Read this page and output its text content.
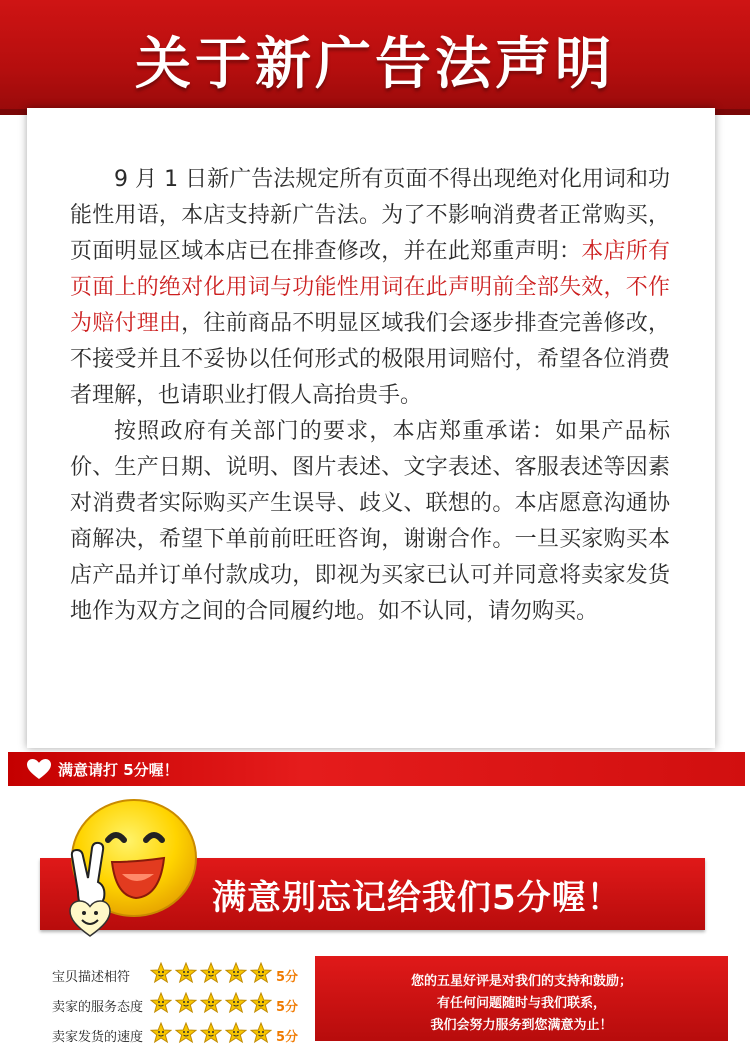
关于新广告法声明

9 月 1 日新广告法规定所有页面不得出现绝对化用词和功能性用语，本店支持新广告法。为了不影响消费者正常购买，页面明显区域本店已在排查修改，并在此郑重声明：本店所有页面上的绝对化用词与功能性用词在此声明前全部失效，不作为赔付理由，往前商品不明显区域我们会逐步排查完善修改，不接受并且不妥协以任何形式的极限用词赔付，希望各位消费者理解，也请职业打假人高抬贵手。

按照政府有关部门的要求，本店郑重承诺：如果产品标价、生产日期、说明、图片表述、文字表述、客服表述等因素对消费者实际购买产生误导、歧义、联想的。本店愿意沟通协商解决，希望下单前前旺旺咨询，谢谢合作。一旦买家购买本店产品并订单付款成功，即视为买家已认可并同意将卖家发货地作为双方之间的合同履约地。如不认同，请勿购买。

满意请打 5分喔！
满意别忘记给我们5分喔！
宝贝描述相符	5分
卖家的服务态度	5分
卖家发货的速度	5分
您的五星好评是对我们的支持和鼓励；
有任何问题随时与我们联系，
我们会努力服务到您满意为止！
